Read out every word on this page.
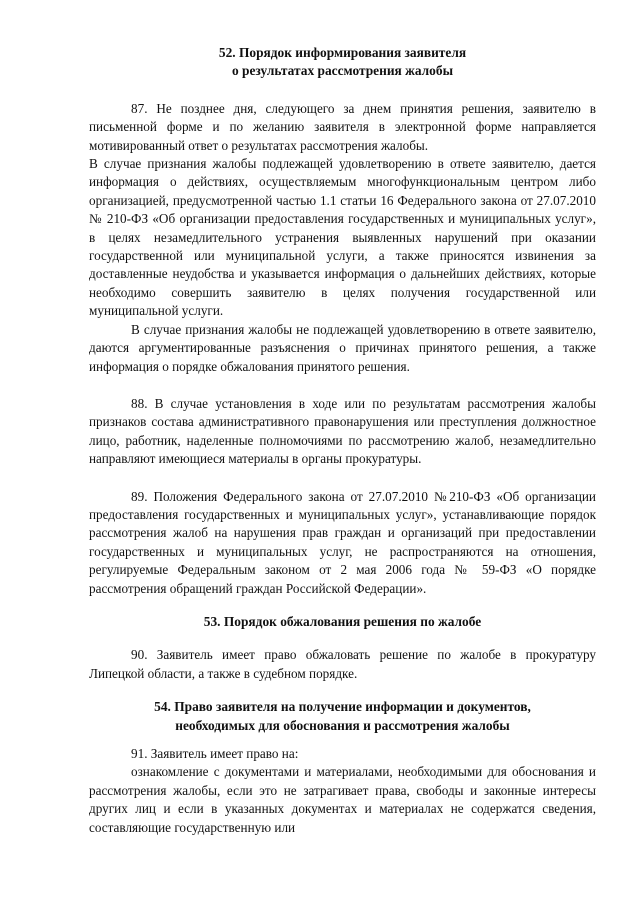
52. Порядок информирования заявителя
о результатах рассмотрения жалобы
87. Не позднее дня, следующего за днем принятия решения, заявителю в письменной форме и по желанию заявителя в электронной форме направляется мотивированный ответ о результатах рассмотрения жалобы.
В случае признания жалобы подлежащей удовлетворению в ответе заявителю, дается информация о действиях, осуществляемым многофункциональным центром либо организацией, предусмотренной частью 1.1 статьи 16 Федерального закона от 27.07.2010 № 210-ФЗ «Об организации предоставления государственных и муниципальных услуг», в целях незамедлительного устранения выявленных нарушений при оказании государственной или муниципальной услуги, а также приносятся извинения за доставленные неудобства и указывается информация о дальнейших действиях, которые необходимо совершить заявителю в целях получения государственной или муниципальной услуги.
В случае признания жалобы не подлежащей удовлетворению в ответе заявителю, даются аргументированные разъяснения о причинах принятого решения, а также информация о порядке обжалования принятого решения.
88. В случае установления в ходе или по результатам рассмотрения жалобы признаков состава административного правонарушения или преступления должностное лицо, работник, наделенные полномочиями по рассмотрению жалоб, незамедлительно направляют имеющиеся материалы в органы прокуратуры.
89. Положения Федерального закона от 27.07.2010 №210-ФЗ «Об организации предоставления государственных и муниципальных услуг», устанавливающие порядок рассмотрения жалоб на нарушения прав граждан и организаций при предоставлении государственных и муниципальных услуг, не распространяются на отношения, регулируемые Федеральным законом от 2 мая 2006 года № 59-ФЗ «О порядке рассмотрения обращений граждан Российской Федерации».
53. Порядок обжалования решения по жалобе
90. Заявитель имеет право обжаловать решение по жалобе в прокуратуру Липецкой области, а также в судебном порядке.
54. Право заявителя на получение информации и документов,
необходимых для обоснования и рассмотрения жалобы
91. Заявитель имеет право на:
ознакомление с документами и материалами, необходимыми для обоснования и рассмотрения жалобы, если это не затрагивает права, свободы и законные интересы других лиц и если в указанных документах и материалах не содержатся сведения, составляющие государственную или
